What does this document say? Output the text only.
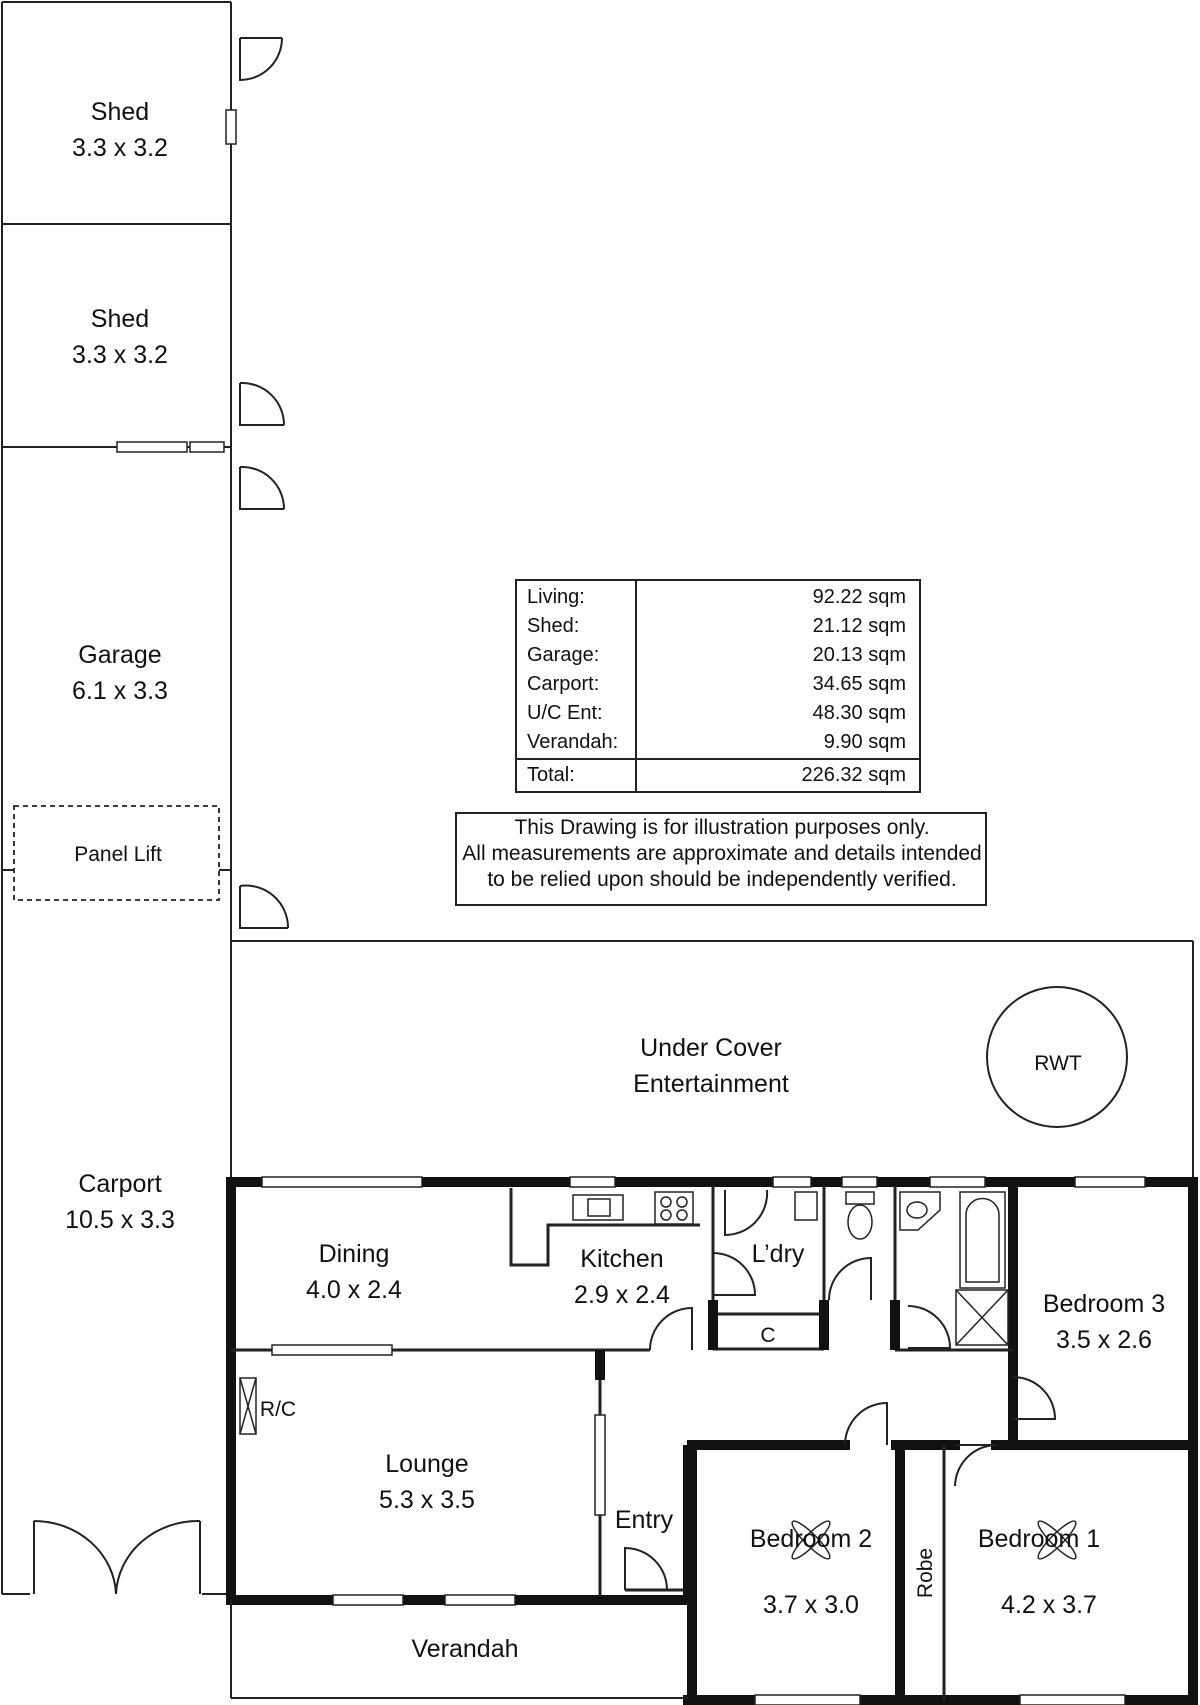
Living:	92.22 sqm
Shed:	21.12 sqm
Garage:	20.13 sqm
Carport:	34.65 sqm
U/C Ent:	48.30 sqm
Verandah:	9.90 sqm
Total:	226.32 sqm
This Drawing is for illustration purposes only.
All measurements are approximate and details intended
to be relied upon should be independently verified.
Shed
3.3 x 3.2
Shed
3.3 x 3.2
Garage
6.1 x 3.3
Panel Lift
Carport
10.5 x 3.3
Under Cover
Entertainment
RWT
Dining
4.0 x 2.4
Kitchen
2.9 x 2.4
L’dry
C
Bedroom 3
3.5 x 2.6
R/C
Lounge
5.3 x 3.5
Entry
Bedroom 2
3.7 x 3.0
Robe
Bedroom 1
4.2 x 3.7
Verandah
